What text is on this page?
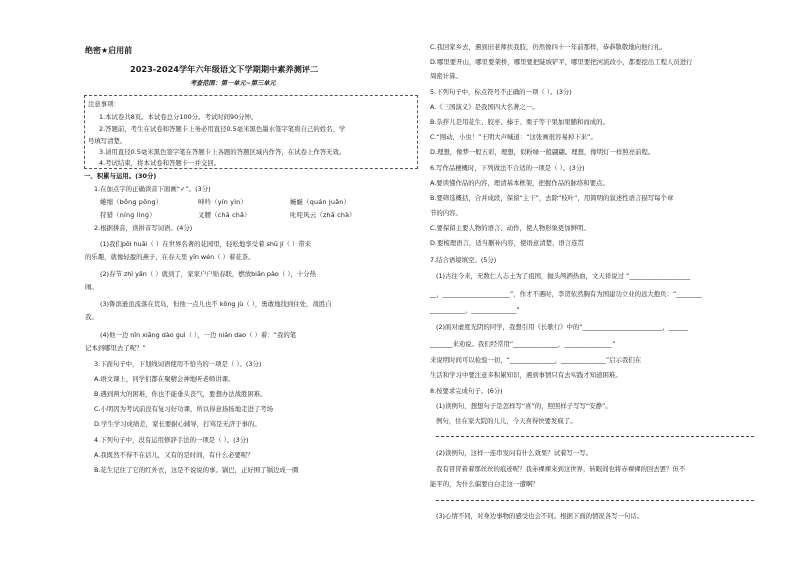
绝密★启用前
2023-2024学年六年级语文下学期期中素养测评二
考查范围：第一单元~第三单元
注意事项：
1.本试卷共8页。本试卷总分100分。考试时间90分钟。
2.答题前，考生在试卷和答题卡上务必用直径0.5毫米黑色墨水签字笔将自己的姓名、学
号填写清楚。
3.请用直径0.5毫米黑色签字笔在答题卡上各题的答题区域内作答，在试卷上作答无效。
4.考试结束，将本试卷和答题卡一并交回。
一、积累与运用。(30分)
1.在加点字的正确读音下面画“✓”。(3分)
蜷缩（bōng pǒng）	呻吟（yín yìn）	蜿蜒（quán juǎn）
狩猎（nínɡ lìnɡ）	叉腰（chā chǎ）	叱咤风云（zhā chà）
2.根据拼音，读拼音写词语。(4分)
(1)我们pōi huāi（ ）在世界名著的花园里，轻松地享受着 shū jí（ ）带来
的乐趣，就像轻盈的燕子，在春天里 yīn wén（ ）着花茶。
(2)春节 zhì yǎn（ ）就到了，家家户户贴春联，燃放biān pào（ ），十分热
闹。
(3)鲁滨逊虽流落在荒岛，但他一点儿也不 kōng jù（ ），勇敢地找到住处，战胜自
我。
(4)他一边 nǐn xiāng dào ɡuì（ ），一边 nián dao（ ）着：“我的笔
记本到哪里去了呢？”
3.下面句子中，下划线词语使用不恰当的一项是（ ）。(3分)
A.语文课上，同学们都在聚精会神地听老师讲课。
B.遇到两大的困难，你也不能垂头丧气，要想办法战胜困难。
C.小明因为考试前没有复习好功课，所以得意扬扬地走进了考场
D.学生学习成绩差，家长要耐心辅导，打骂是无济于事的。
4.下列句子中，没有运用修辞手法的一项是（ ）。(3分)
A.我既然不得不在话儿，又有的是时间，有什么必要呢？
B.花生记住了它的红外衣，这是不说说的事。锅巴，正好围了锅边成一圈
C.我回家乡去，遇到田老师扶我肢，仍然像四十一年前那样，恭恭敬敬地向他行礼。
D.哪里要开山，哪里要架桥，哪里要把陡坡铲平，哪里要把河流改小，都要挖出工程人员进行
周密计算。
5.下列句子中，标点符号不正确的一项（ ）。(3分)
A.《三国演义》是我国四大名著之一。
B.杂拌儿是用花生、胶枣、榛子、栗子等干果加果脯和而成的。
C.“刚动，小虫！”王明大声喊道：“这张画很容易掉下来”。
D.理想，像梦一般五彩，理想，似粉绿一般翩翩。理想，像明灯一样照亮前程。
6.写作品梗概时，下列做法不合适的一项是（ ）。(3分)
A.要读懂作品的内容，理清基本框架，把握作品的脉络和要点。
B.要筛选概括，合并成段，保留“主干”，去除“枝叶”，用简明的叙述性语言描写每个章
节的内容。
C.要保留主要人物的语言、动作，使人物形象更加鲜明。
D.要梳理语言，适当删补内容，使语意清楚、语言连贯
7.结合语境填空。(5分)
(1)古往今来，无数仁人志士为了祖国，抛头颅洒热血，文天祥说过 “___________________
__，_____________________”，作才不遇时，李贺依然胸有为国建功立业的远大抱负：“________
___________，______________”
(2)面对虚度光阴的同学，我想引用《长歌行》中的“_________________________，______
_______来劝说。我们经常用“______________，_______________”
来说明时间可以检验一切，“______________，______________”启示我们在
生活和学习中要注意多积累知识，遇到事情只有去实践才知道困难。
8.按要求完成句子。(6分)
(1)读例句，想想句子是怎样写“喜”的，照照样子写写“安静”。
例句，住在家大院的儿儿，今天喜得快要发疯了。
(2)读例句，这样一连串发问有什么效果？试着写一写。
我有冒冒着着那丝丝的痕迹呢？我赤裸裸来到这世界，转眼间也将赤裸裸的回去罢？但不
能平的，为什么偏要白白走这一遭啊？
(3)心情不同，对身边事物的感受也会不同。根据下面的情况各写一句话。
